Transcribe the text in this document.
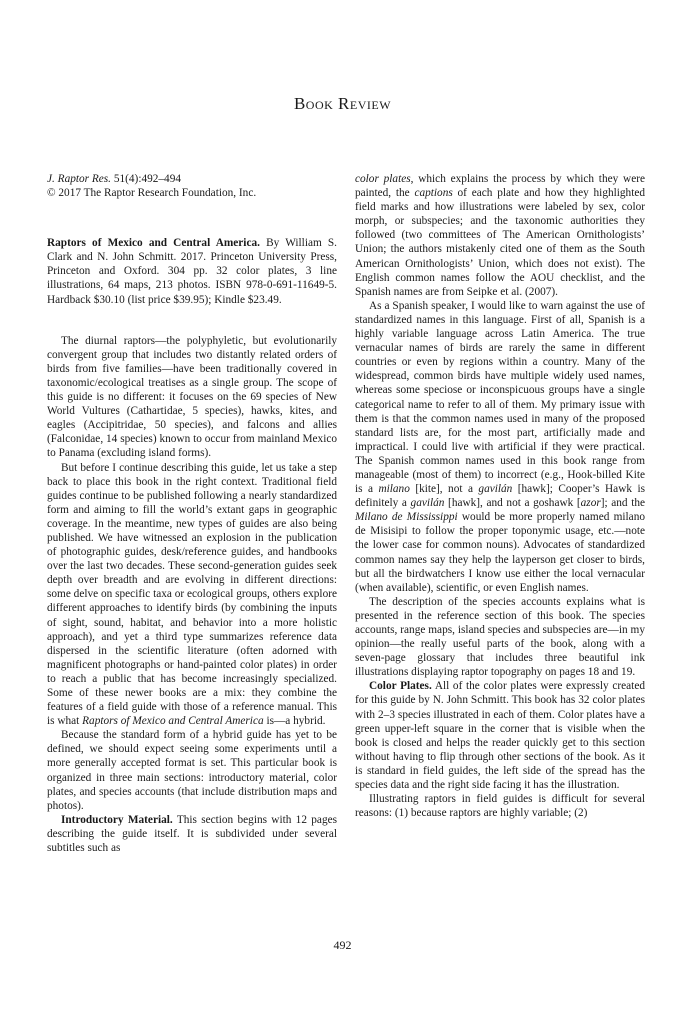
Book Review
J. Raptor Res. 51(4):492–494
© 2017 The Raptor Research Foundation, Inc.

Raptors of Mexico and Central America. By William S. Clark and N. John Schmitt. 2017. Princeton University Press, Princeton and Oxford. 304 pp. 32 color plates, 3 line illustrations, 64 maps, 213 photos. ISBN 978-0-691-11649-5. Hardback $30.10 (list price $39.95); Kindle $23.49.

The diurnal raptors—the polyphyletic, but evolutionarily convergent group that includes two distantly related orders of birds from five families—have been traditionally covered in taxonomic/ecological treatises as a single group. The scope of this guide is no different: it focuses on the 69 species of New World Vultures (Cathartidae, 5 species), hawks, kites, and eagles (Accipitridae, 50 species), and falcons and allies (Falconidae, 14 species) known to occur from mainland Mexico to Panama (excluding island forms).

But before I continue describing this guide, let us take a step back to place this book in the right context. Traditional field guides continue to be published following a nearly standardized form and aiming to fill the world’s extant gaps in geographic coverage. In the meantime, new types of guides are also being published. We have witnessed an explosion in the publication of photographic guides, desk/reference guides, and handbooks over the last two decades. These second-generation guides seek depth over breadth and are evolving in different directions: some delve on specific taxa or ecological groups, others explore different approaches to identify birds (by combining the inputs of sight, sound, habitat, and behavior into a more holistic approach), and yet a third type summarizes reference data dispersed in the scientific literature (often adorned with magnificent photographs or hand-painted color plates) in order to reach a public that has become increasingly specialized. Some of these newer books are a mix: they combine the features of a field guide with those of a reference manual. This is what Raptors of Mexico and Central America is—a hybrid.

Because the standard form of a hybrid guide has yet to be defined, we should expect seeing some experiments until a more generally accepted format is set. This particular book is organized in three main sections: introductory material, color plates, and species accounts (that include distribution maps and photos).

Introductory Material. This section begins with 12 pages describing the guide itself. It is subdivided under several subtitles such as

color plates, which explains the process by which they were painted, the captions of each plate and how they highlighted field marks and how illustrations were labeled by sex, color morph, or subspecies; and the taxonomic authorities they followed (two committees of The American Ornithologists’ Union; the authors mistakenly cited one of them as the South American Ornithologists’ Union, which does not exist). The English common names follow the AOU checklist, and the Spanish names are from Seipke et al. (2007).

As a Spanish speaker, I would like to warn against the use of standardized names in this language. First of all, Spanish is a highly variable language across Latin America. The true vernacular names of birds are rarely the same in different countries or even by regions within a country. Many of the widespread, common birds have multiple widely used names, whereas some speciose or inconspicuous groups have a single categorical name to refer to all of them. My primary issue with them is that the common names used in many of the proposed standard lists are, for the most part, artificially made and impractical. I could live with artificial if they were practical. The Spanish common names used in this book range from manageable (most of them) to incorrect (e.g., Hook-billed Kite is a milano [kite], not a gavilán [hawk]; Cooper’s Hawk is definitely a gavilán [hawk], and not a goshawk [azor]; and the Milano de Mississippi would be more properly named milano de Misisipi to follow the proper toponymic usage, etc.—note the lower case for common nouns). Advocates of standardized common names say they help the layperson get closer to birds, but all the birdwatchers I know use either the local vernacular (when available), scientific, or even English names.

The description of the species accounts explains what is presented in the reference section of this book. The species accounts, range maps, island species and subspecies are—in my opinion—the really useful parts of the book, along with a seven-page glossary that includes three beautiful ink illustrations displaying raptor topography on pages 18 and 19.

Color Plates. All of the color plates were expressly created for this guide by N. John Schmitt. This book has 32 color plates with 2–3 species illustrated in each of them. Color plates have a green upper-left square in the corner that is visible when the book is closed and helps the reader quickly get to this section without having to flip through other sections of the book. As it is standard in field guides, the left side of the spread has the species data and the right side facing it has the illustration.

Illustrating raptors in field guides is difficult for several reasons: (1) because raptors are highly variable; (2)

492
